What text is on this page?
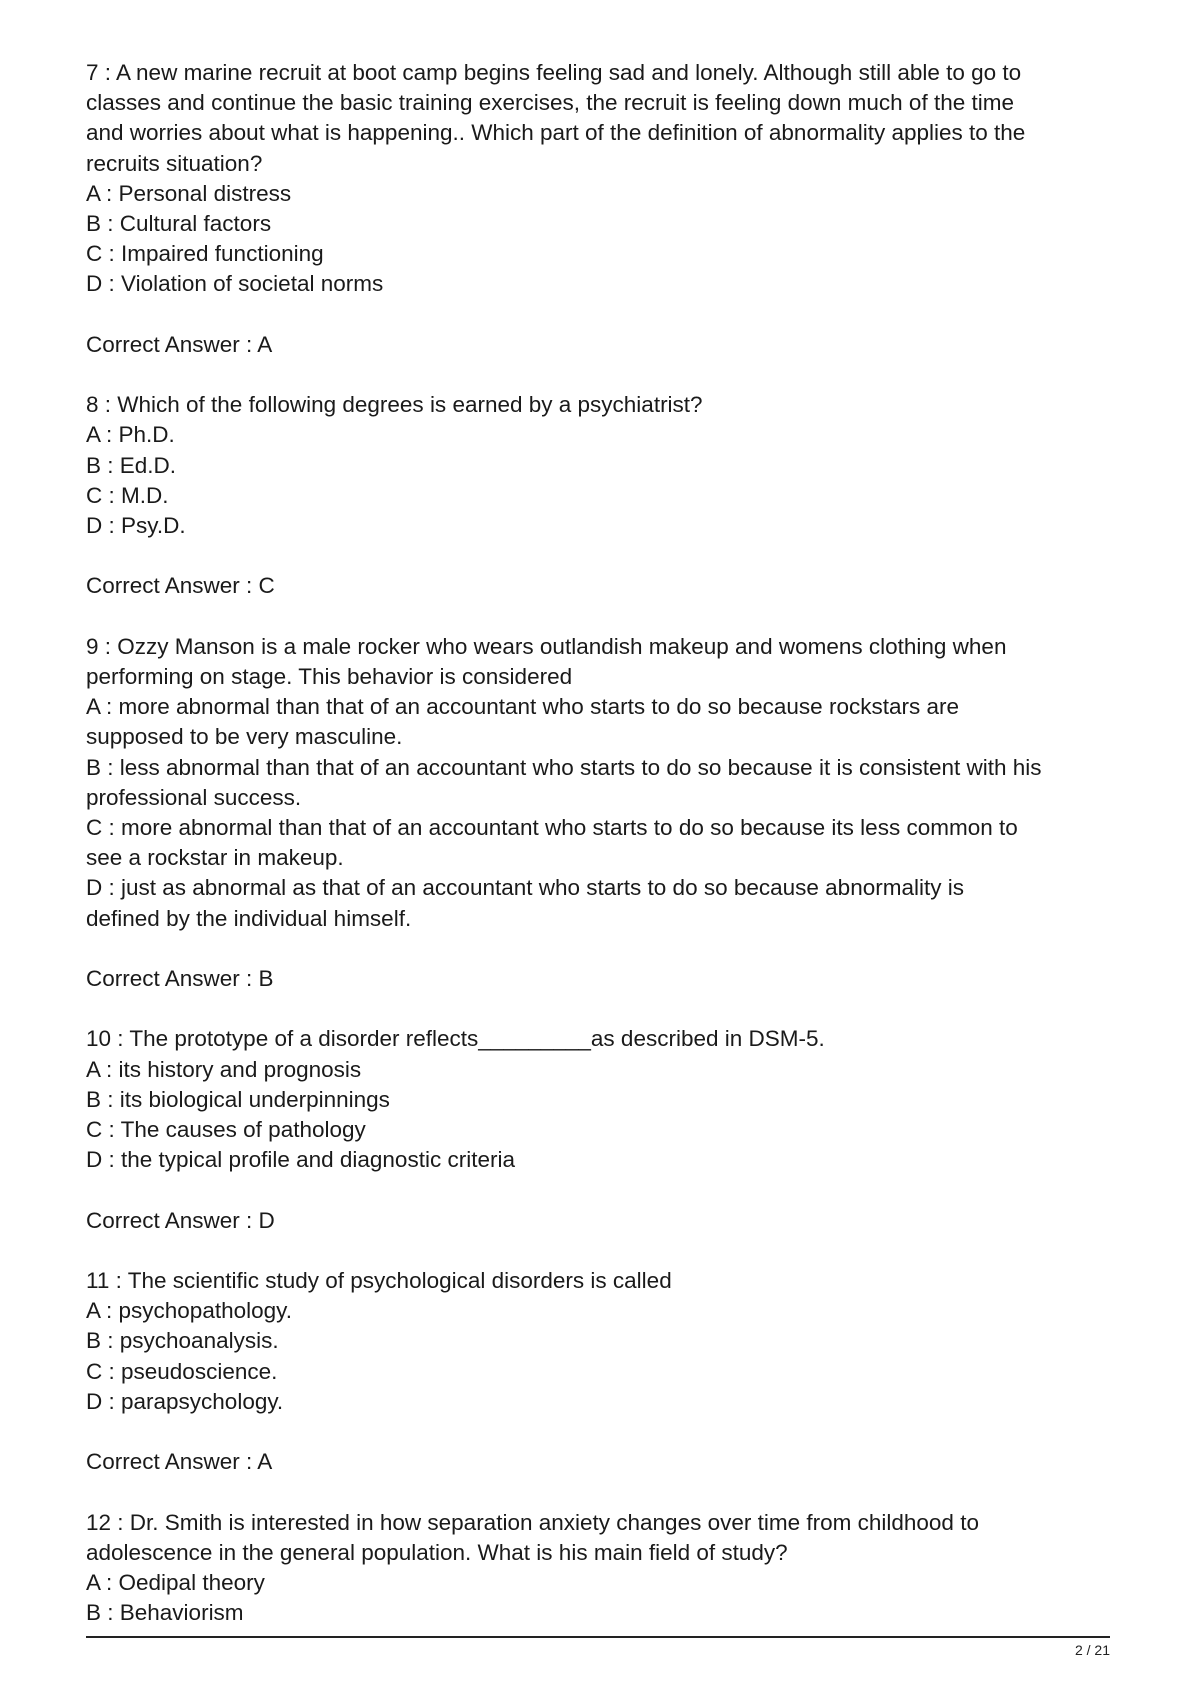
7 : A new marine recruit at boot camp begins feeling sad and lonely. Although still able to go to
classes and continue the basic training exercises, the recruit is feeling down much of the time
and worries about what is happening.. Which part of the definition of abnormality applies to the
recruits situation?
A : Personal distress
B : Cultural factors
C : Impaired functioning
D : Violation of societal norms
Correct Answer : A
8 : Which of the following degrees is earned by a psychiatrist?
A : Ph.D.
B : Ed.D.
C : M.D.
D : Psy.D.
Correct Answer : C
9 : Ozzy Manson is a male rocker who wears outlandish makeup and womens clothing when
performing on stage. This behavior is considered
A : more abnormal than that of an accountant who starts to do so because rockstars are
supposed to be very masculine.
B : less abnormal than that of an accountant who starts to do so because it is consistent with his
professional success.
C : more abnormal than that of an accountant who starts to do so because its less common to
see a rockstar in makeup.
D : just as abnormal as that of an accountant who starts to do so because abnormality is
defined by the individual himself.
Correct Answer : B
10 : The prototype of a disorder reflects_________as described in DSM-5.
A : its history and prognosis
B : its biological underpinnings
C : The causes of pathology
D : the typical profile and diagnostic criteria
Correct Answer : D
11 : The scientific study of psychological disorders is called
A : psychopathology.
B : psychoanalysis.
C : pseudoscience.
D : parapsychology.
Correct Answer : A
12 : Dr. Smith is interested in how separation anxiety changes over time from childhood to
adolescence in the general population. What is his main field of study?
A : Oedipal theory
B : Behaviorism
2 / 21
